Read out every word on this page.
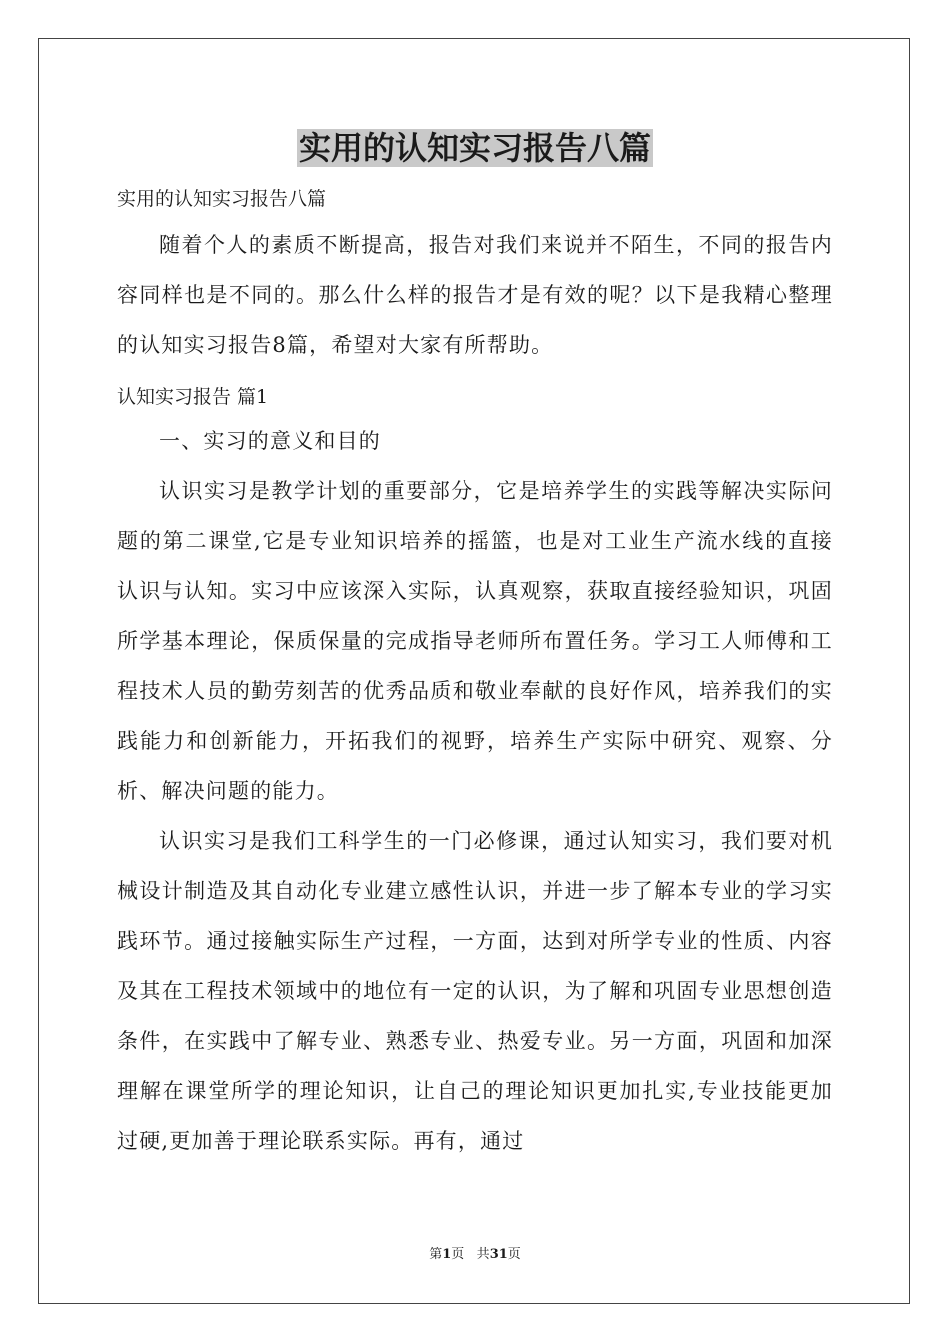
实用的认知实习报告八篇
实用的认知实习报告八篇

随着个人的素质不断提高，报告对我们来说并不陌生，不同的报告内容同样也是不同的。那么什么样的报告才是有效的呢？以下是我精心整理的认知实习报告8篇，希望对大家有所帮助。

认知实习报告 篇1

一、实习的意义和目的

认识实习是教学计划的重要部分，它是培养学生的实践等解决实际问题的第二课堂,它是专业知识培养的摇篮，也是对工业生产流水线的直接认识与认知。实习中应该深入实际，认真观察，获取直接经验知识，巩固所学基本理论，保质保量的完成指导老师所布置任务。学习工人师傅和工程技术人员的勤劳刻苦的优秀品质和敬业奉献的良好作风，培养我们的实践能力和创新能力，开拓我们的视野，培养生产实际中研究、观察、分析、解决问题的能力。

认识实习是我们工科学生的一门必修课，通过认知实习，我们要对机械设计制造及其自动化专业建立感性认识，并进一步了解本专业的学习实践环节。通过接触实际生产过程，一方面，达到对所学专业的性质、内容及其在工程技术领域中的地位有一定的认识，为了解和巩固专业思想创造条件，在实践中了解专业、熟悉专业、热爱专业。另一方面，巩固和加深理解在课堂所学的理论知识，让自己的理论知识更加扎实,专业技能更加过硬,更加善于理论联系实际。再有，通过

第1页 共31页
